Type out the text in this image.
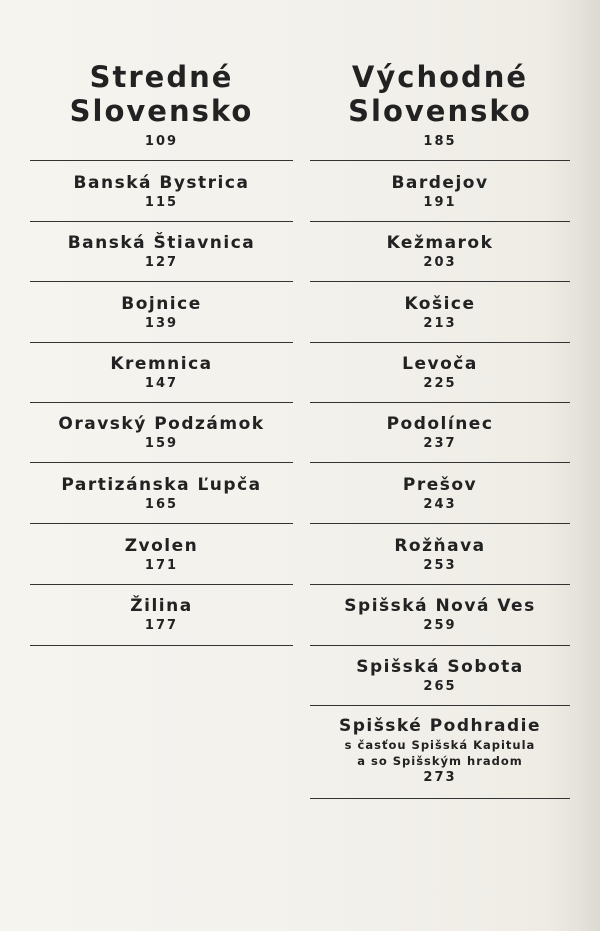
Stredné
Slovensko
109
Banská Bystrica
115
Banská Štiavnica
127
Bojnice
139
Kremnica
147
Oravský Podzámok
159
Partizánska Ľupča
165
Zvolen
171
Žilina
177
Východné
Slovensko
185
Bardejov
191
Kežmarok
203
Košice
213
Levoča
225
Podolínec
237
Prešov
243
Rožňava
253
Spišská Nová Ves
259
Spišská Sobota
265
Spišské Podhradie
s časťou Spišská Kapitula
a so Spišským hradom
273
